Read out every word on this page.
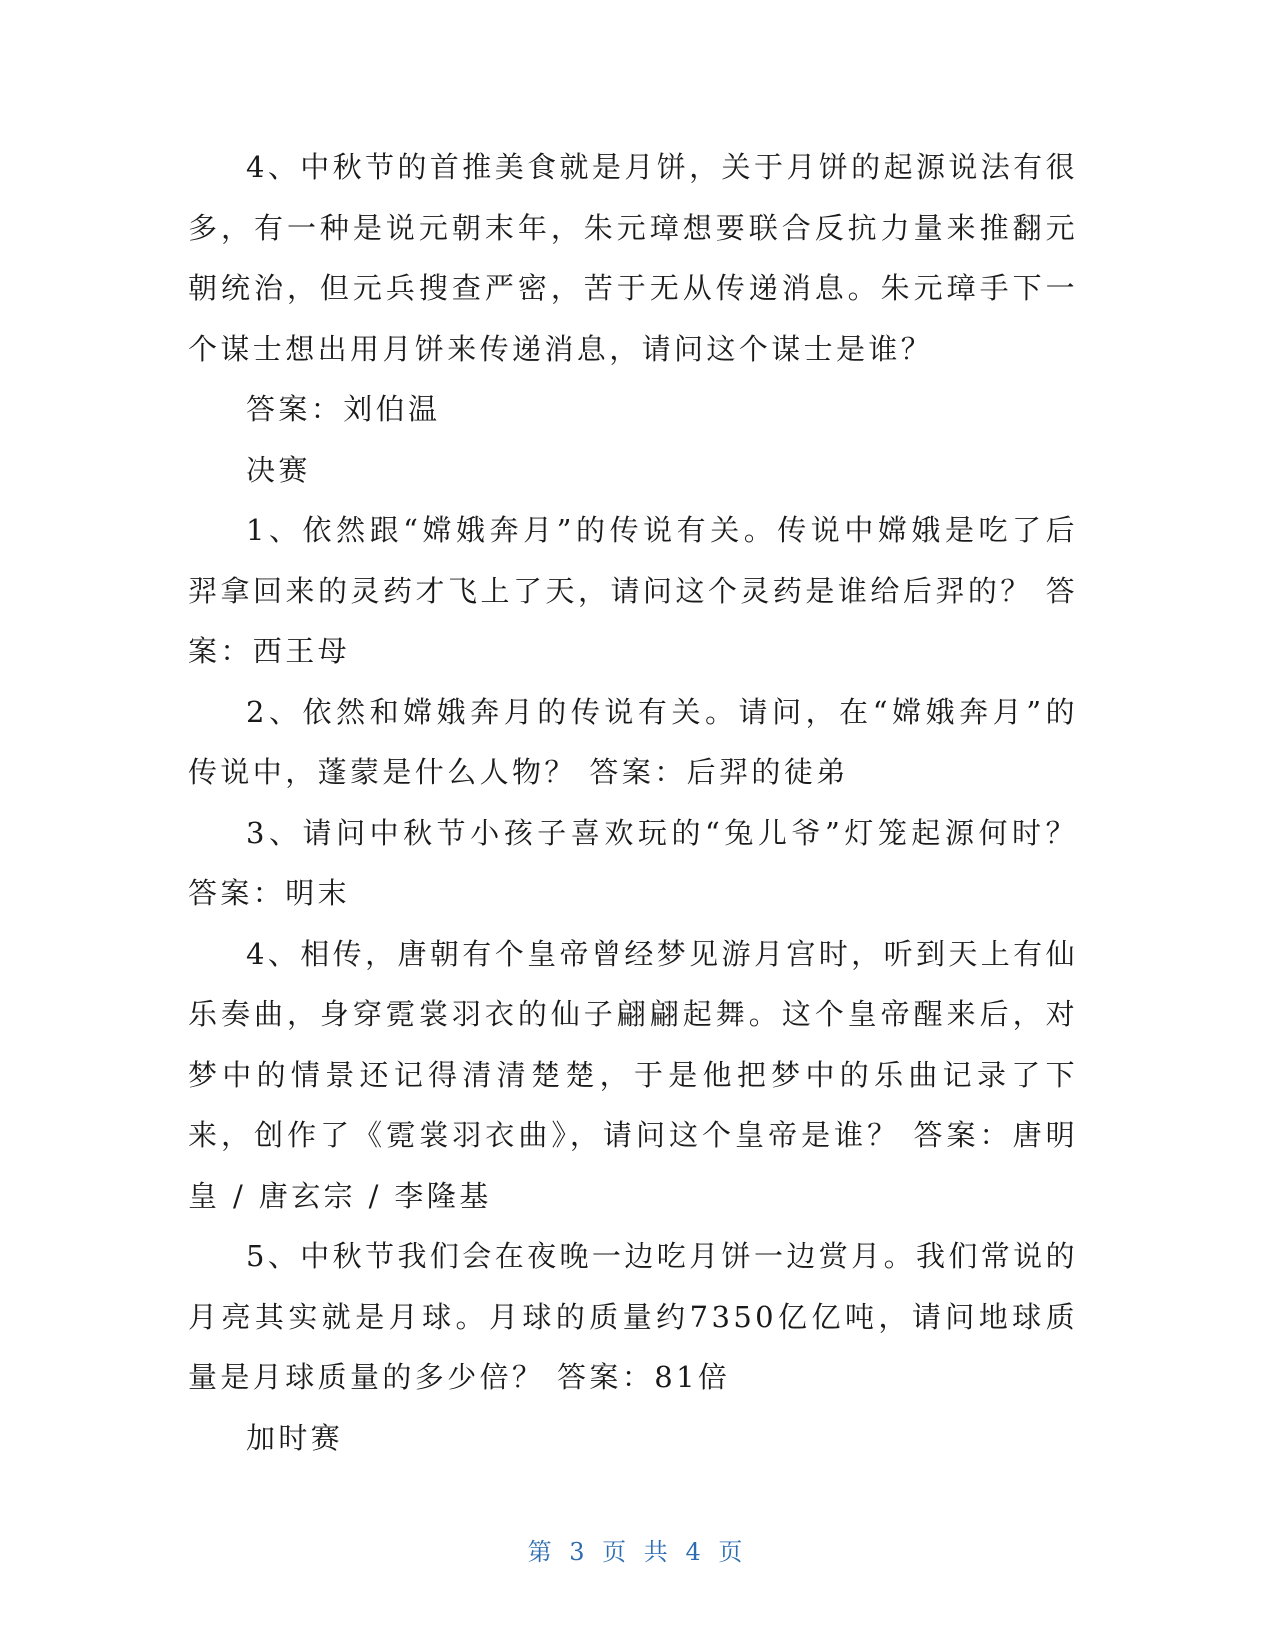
4、中秋节的首推美食就是月饼，关于月饼的起源说法有很多，有一种是说元朝末年，朱元璋想要联合反抗力量来推翻元朝统治，但元兵搜查严密，苦于无从传递消息。朱元璋手下一个谋士想出用月饼来传递消息，请问这个谋士是谁？

答案：刘伯温

决赛

1、依然跟“嫦娥奔月”的传说有关。传说中嫦娥是吃了后羿拿回来的灵药才飞上了天，请问这个灵药是谁给后羿的？ 答案：西王母

2、依然和嫦娥奔月的传说有关。请问，在“嫦娥奔月”的传说中，蓬蒙是什么人物？ 答案：后羿的徒弟

3、请问中秋节小孩子喜欢玩的“兔儿爷”灯笼起源何时？ 答案：明末

4、相传，唐朝有个皇帝曾经梦见游月宫时，听到天上有仙乐奏曲，身穿霓裳羽衣的仙子翩翩起舞。这个皇帝醒来后，对梦中的情景还记得清清楚楚，于是他把梦中的乐曲记录了下来，创作了《霓裳羽衣曲》，请问这个皇帝是谁？ 答案：唐明皇 / 唐玄宗 / 李隆基

5、中秋节我们会在夜晚一边吃月饼一边赏月。我们常说的月亮其实就是月球。月球的质量约7350亿亿吨，请问地球质量是月球质量的多少倍？ 答案：81倍

加时赛

第 3 页 共 4 页
